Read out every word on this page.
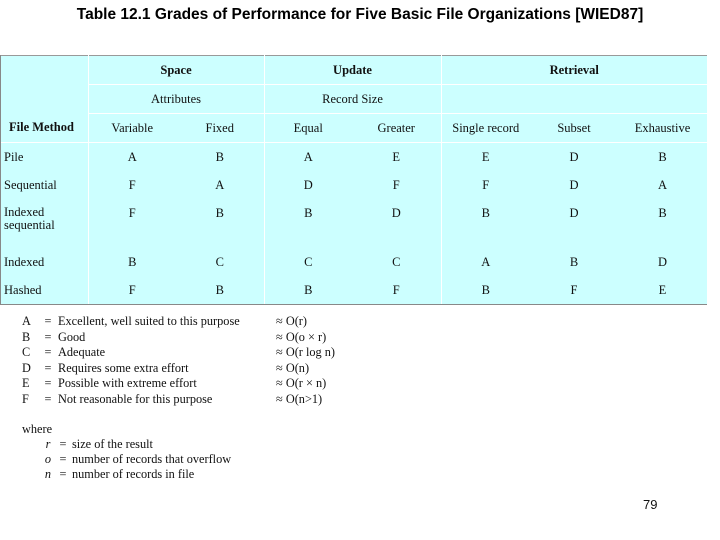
Table 12.1 Grades of Performance for Five Basic File Organizations [WIED87]
	Space		Update		Retrieval		
	Attributes		Record Size				
File Method	Variable	Fixed	Equal	Greater	Single record	Subset	Exhaustive
Pile	A	B	A	E	E	D	B
Sequential	F	A	D	F	F	D	A
Indexed sequential	F	B	B	D	B	D	B
Indexed	B	C	C	C	A	B	D
Hashed	F	B	B	F	B	F	E
A	= Excellent, well suited to this purpose	≈ O(r)
B	= Good	≈ O(o × r)
C	= Adequate	≈ O(r log n)
D	= Requires some extra effort	≈ O(n)
E	= Possible with extreme effort	≈ O(r × n)
F	= Not reasonable for this purpose	≈ O(n>1)
where
r = size of the result
o = number of records that overflow
n = number of records in file
79
